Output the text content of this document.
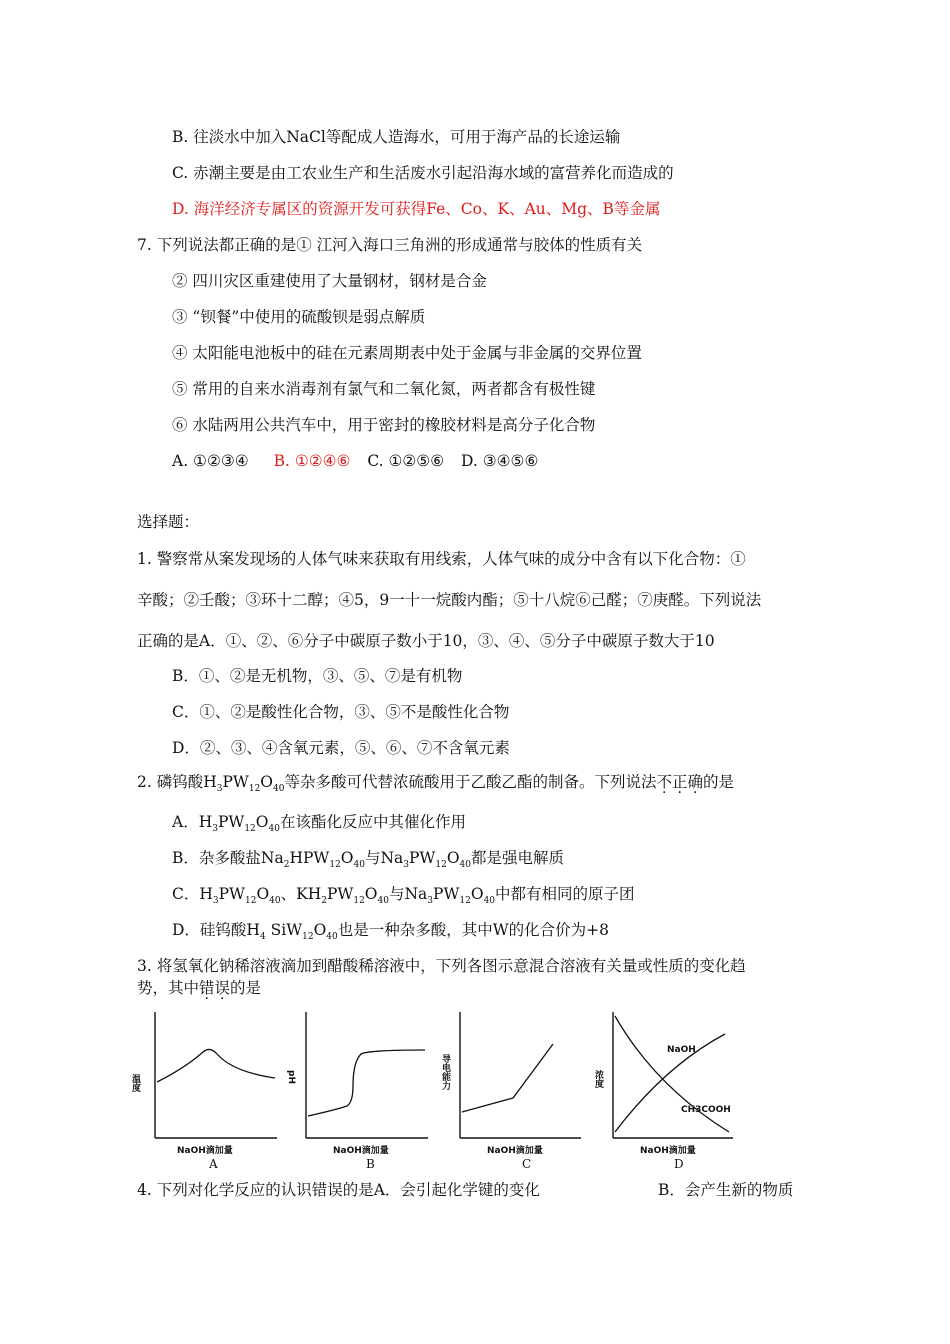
B. 往淡水中加入NaCl等配成人造海水，可用于海产品的长途运输
C. 赤潮主要是由工农业生产和生活废水引起沿海水域的富营养化而造成的
D. 海洋经济专属区的资源开发可获得Fe、Co、K、Au、Mg、B等金属
7. 下列说法都正确的是① 江河入海口三角洲的形成通常与胶体的性质有关
② 四川灾区重建使用了大量钢材，钢材是合金
③ “钡餐”中使用的硫酸钡是弱点解质
④ 太阳能电池板中的硅在元素周期表中处于金属与非金属的交界位置
⑤ 常用的自来水消毒剂有氯气和二氧化氮，两者都含有极性键
⑥ 水陆两用公共汽车中，用于密封的橡胶材料是高分子化合物
A. ①②③④ B. ①②④⑥ C. ①②⑤⑥ D. ③④⑤⑥
选择题：
1. 警察常从案发现场的人体气味来获取有用线索，人体气味的成分中含有以下化合物：①
辛酸；②壬酸；③环十二醇；④5，9一十一烷酸内酯；⑤十八烷⑥己醛；⑦庚醛。下列说法
正确的是A．①、②、⑥分子中碳原子数小于10，③、④、⑤分子中碳原子数大于10
B．①、②是无机物，③、⑤、⑦是有机物
C．①、②是酸性化合物，③、⑤不是酸性化合物
D．②、③、④含氧元素，⑤、⑥、⑦不含氧元素
2. 磷钨酸$H_3PW_{12}O_{40}$等杂多酸可代替浓硫酸用于乙酸乙酯的制备。下列说法不正确的是
A．$H_3PW_{12}O_{40}$在该酯化反应中其催化作用
B．杂多酸盐$Na_2HPW_{12}O_{40}$与$Na_3PW_{12}O_{40}$都是强电解质
C．$H_3PW_{12}O_{40}$、$KH_2PW_{12}O_{40}$与$Na_3PW_{12}O_{40}$中都有相同的原子团
D．硅钨酸$H_4$ $SiW_{12}O_{40}$也是一种杂多酸，其中W的化合价为+8
3. 将氢氧化钠稀溶液滴加到醋酸稀溶液中，下列各图示意混合溶液有关量或性质的变化趋
势，其中错误的是
温度
NaOH滴加量
A
pH
NaOH滴加量
B
导电能力
NaOH滴加量
C
浓度
NaOH
CH3COOH
NaOH滴加量
D
4. 下列对化学反应的认识错误的是A．会引起化学键的变化	B．会产生新的物质
